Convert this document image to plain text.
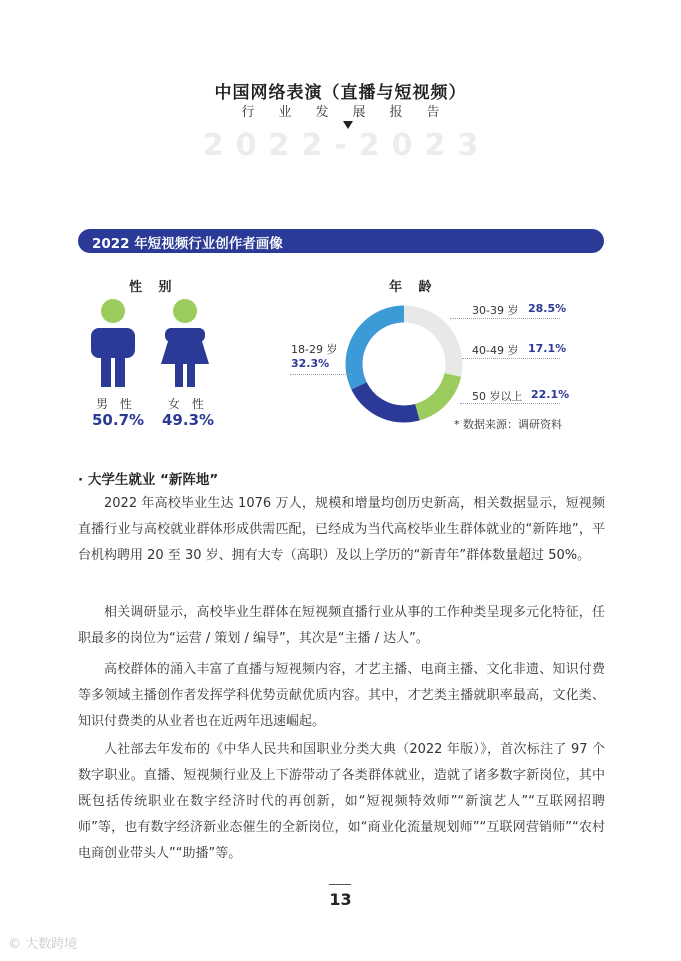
中国网络表演（直播与短视频）
行业发展报告
2022-2023
2022 年短视频行业创作者画像
性 别
男 性	女 性
50.7% 49.3%
年 龄
30-39 岁 28.5%
40-49 岁 17.1%
50 岁以上 22.1%
18-29 岁
32.3%
* 数据来源：调研资料
· 大学生就业 “新阵地”

2022 年高校毕业生达 1076 万人，规模和增量均创历史新高，相关数据显示，短视频直播行业与高校就业群体形成供需匹配，已经成为当代高校毕业生群体就业的“新阵地”，平台机构聘用 20 至 30 岁、拥有大专（高职）及以上学历的“新青年”群体数量超过 50%。

相关调研显示，高校毕业生群体在短视频直播行业从事的工作种类呈现多元化特征，任职最多的岗位为“运营 / 策划 / 编导”，其次是“主播 / 达人”。

高校群体的涌入丰富了直播与短视频内容，才艺主播、电商主播、文化非遗、知识付费等多领域主播创作者发挥学科优势贡献优质内容。其中，才艺类主播就职率最高，文化类、知识付费类的从业者也在近两年迅速崛起。

人社部去年发布的《中华人民共和国职业分类大典（2022 年版）》，首次标注了 97 个数字职业。直播、短视频行业及上下游带动了各类群体就业，造就了诸多数字新岗位，其中既包括传统职业在数字经济时代的再创新，如“短视频特效师”“新演艺人”“互联网招聘师”等，也有数字经济新业态催生的全新岗位，如“商业化流量规划师”“互联网营销师”“农村电商创业带头人”“助播”等。

13
© 大数跨境
